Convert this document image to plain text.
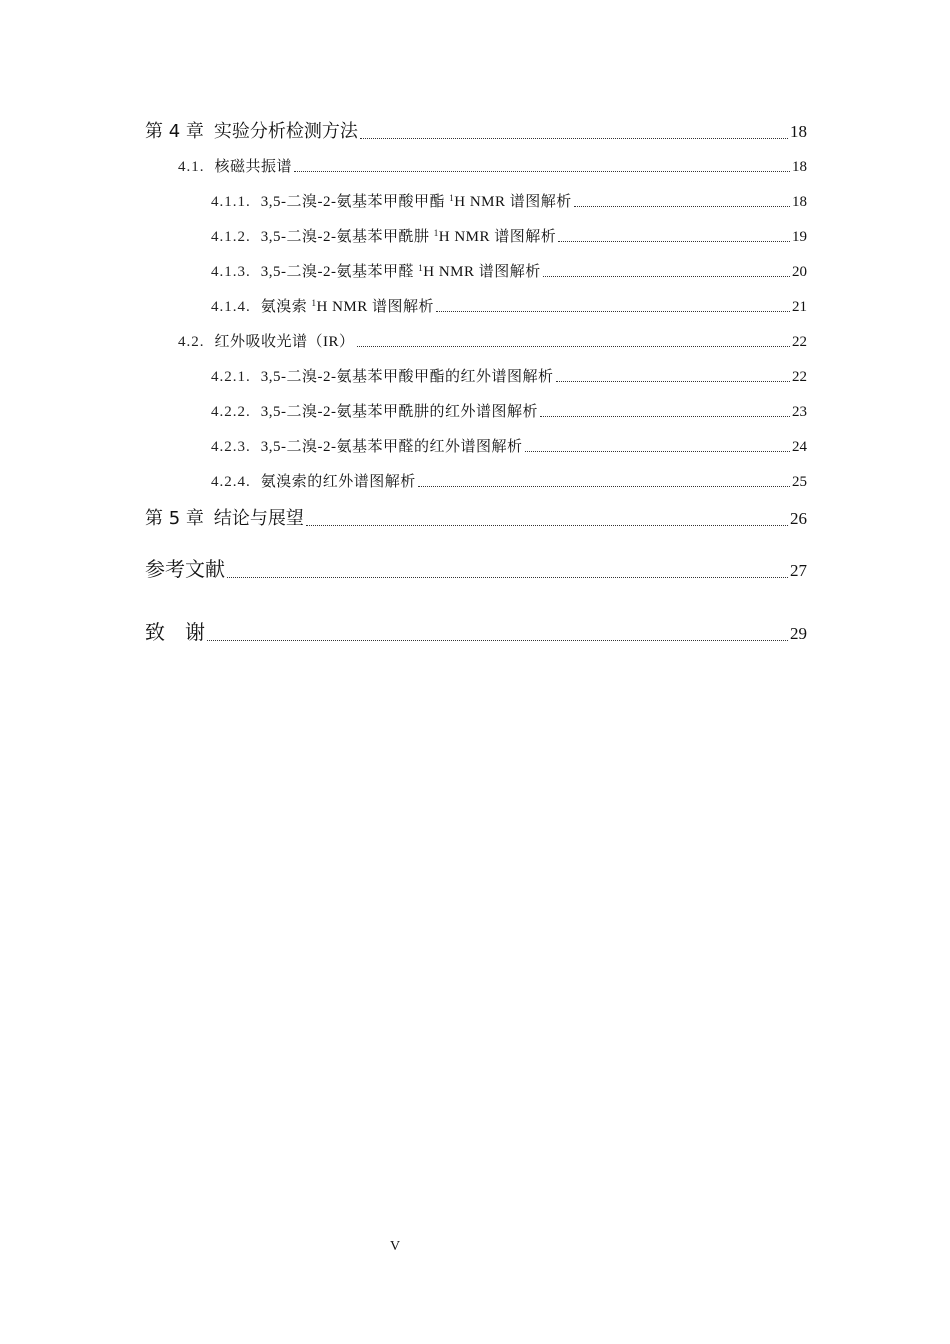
第 4 章 实验分析检测方法	18
4.1. 核磁共振谱	18
4.1.1. 3,5-二溴-2-氨基苯甲酸甲酯 $^1$H NMR 谱图解析	18
4.1.2. 3,5-二溴-2-氨基苯甲酰肼 $^1$H NMR 谱图解析	19
4.1.3. 3,5-二溴-2-氨基苯甲醛 $^1$H NMR 谱图解析	20
4.1.4. 氨溴索 $^1$H NMR 谱图解析	21
4.2. 红外吸收光谱（IR）	22
4.2.1. 3,5-二溴-2-氨基苯甲酸甲酯的红外谱图解析	22
4.2.2. 3,5-二溴-2-氨基苯甲酰肼的红外谱图解析	23
4.2.3. 3,5-二溴-2-氨基苯甲醛的红外谱图解析	24
4.2.4. 氨溴索的红外谱图解析	25
第 5 章 结论与展望	26
参考文献	27
致　谢	29
V
